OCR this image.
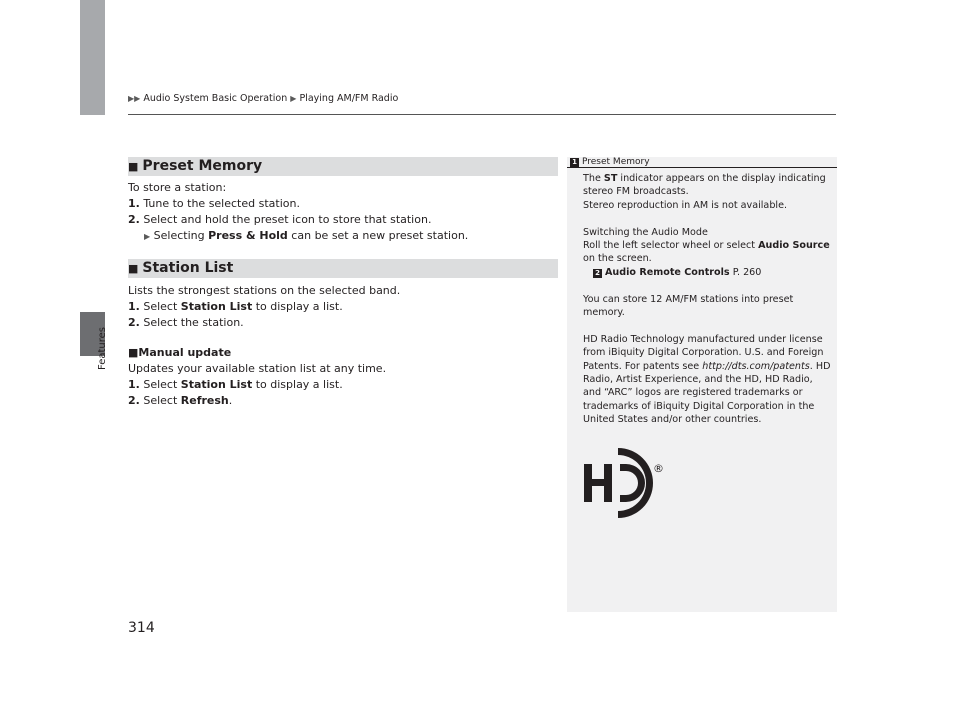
Features
▶▶ Audio System Basic Operation ▶ Playing AM/FM Radio
■ Preset Memory
To store a station:
1. Tune to the selected station.
2. Select and hold the preset icon to store that station.
▶ Selecting Press & Hold can be set a new preset station.
■ Station List
Lists the strongest stations on the selected band.
1. Select Station List to display a list.
2. Select the station.
■Manual update
Updates your available station list at any time.
1. Select Station List to display a list.
2. Select Refresh.
1 Preset Memory

The ST indicator appears on the display indicating stereo FM broadcasts.
Stereo reproduction in AM is not available.

Switching the Audio Mode
Roll the left selector wheel or select Audio Source on the screen.
2 Audio Remote Controls P. 260

You can store 12 AM/FM stations into preset memory.

HD Radio Technology manufactured under license from iBiquity Digital Corporation. U.S. and Foreign Patents. For patents see http://dts.com/patents. HD Radio, Artist Experience, and the HD, HD Radio, and “ARC” logos are registered trademarks or trademarks of iBiquity Digital Corporation in the United States and/or other countries.

®
314
